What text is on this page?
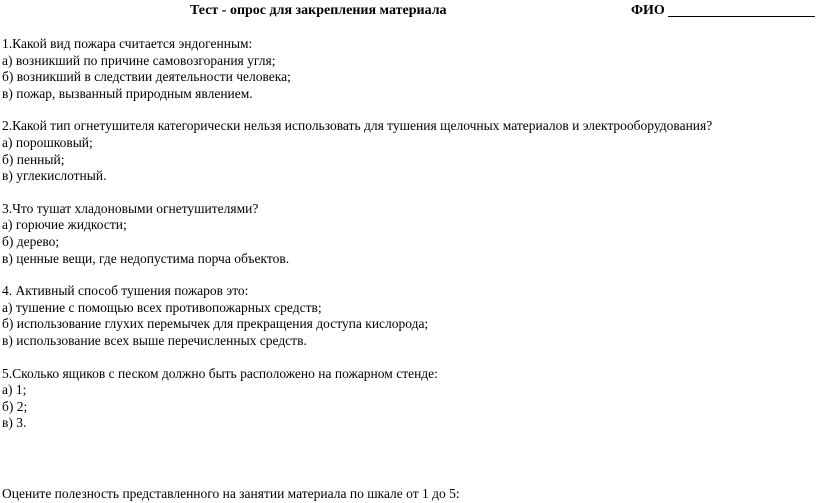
Тест - опрос для закрепления материала	ФИО
1.Какой вид пожара считается эндогенным:
а) возникший по причине самовозгорания угля;
б) возникший в следствии деятельности человека;
в) пожар, вызванный природным явлением.
2.Какой тип огнетушителя категорически нельзя использовать для тушения щелочных материалов и электрооборудования?
а) порошковый;
б) пенный;
в) углекислотный.
3.Что тушат хладоновыми огнетушителями?
а) горючие жидкости;
б) дерево;
в) ценные вещи, где недопустима порча объектов.
4. Активный способ тушения пожаров это:
а) тушение с помощью всех противопожарных средств;
б) использование глухих перемычек для прекращения доступа кислорода;
в) использование всех выше перечисленных средств.
5.Сколько ящиков с песком должно быть расположено на пожарном стенде:
а) 1;
б) 2;
в) 3.
Оцените полезность представленного на занятии материала по шкале от 1 до 5:
